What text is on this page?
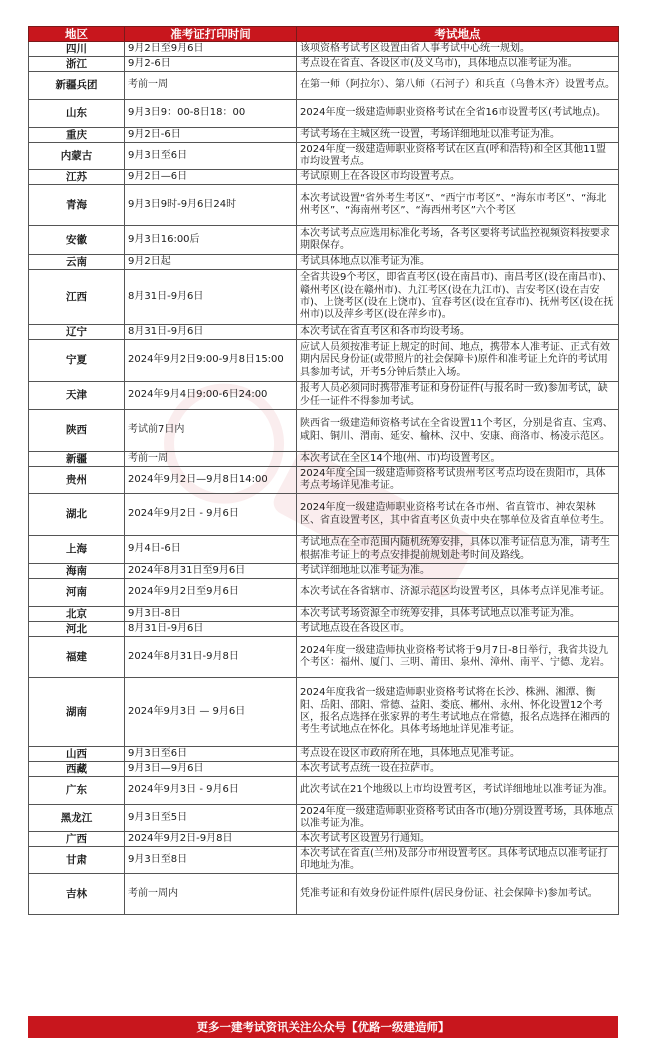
地区	准考证打印时间	考试地点
四川	9月2日至9月6日	该项资格考试考区设置由省人事考试中心统一规划。
浙江	9月2-6日	考点设在省直、各设区市(及义乌市)，具体地点以准考证为准。
新疆兵团	考前一周	在第一师（阿拉尔）、第八师（石河子）和兵直（乌鲁木齐）设置考点。
山东	9月3日9：00-8日18：00	2024年度一级建造师职业资格考试在全省16市设置考区(考试地点)。
重庆	9月2日-6日	考试考场在主城区统一设置，考场详细地址以准考证为准。
内蒙古	9月3日至6日	2024年度一级建造师职业资格考试在区直(呼和浩特)和全区其他11盟市均设置考点。
江苏	9月2日—6日	考试原则上在各设区市均设置考点。
青海	9月3日9时-9月6日24时	本次考试设置“省外考生考区”、“西宁市考区”、“海东市考区”、“海北州考区”、“海南州考区”、“海西州考区”六个考区
安徽	9月3日16:00后	本次考试考点应选用标准化考场，各考区要将考试监控视频资料按要求期限保存。
云南	9月2日起	考试具体地点以准考证为准。
江西	8月31日-9月6日	全省共设9个考区，即省直考区(设在南昌市)、南昌考区(设在南昌市)、赣州考区(设在赣州市)、九江考区(设在九江市)、吉安考区(设在吉安市)、上饶考区(设在上饶市)、宜春考区(设在宜春市)、抚州考区(设在抚州市)以及萍乡考区(设在萍乡市)。
辽宁	8月31日-9月6日	本次考试在省直考区和各市均设考场。
宁夏	2024年9月2日9:00-9月8日15:00	应试人员须按准考证上规定的时间、地点，携带本人准考证、正式有效期内居民身份证(或带照片的社会保障卡)原件和准考证上允许的考试用具参加考试，开考5分钟后禁止入场。
天津	2024年9月4日9:00-6日24:00	报考人员必须同时携带准考证和身份证件(与报名时一致)参加考试，缺少任一证件不得参加考试。
陕西	考试前7日内	陕西省一级建造师资格考试在全省设置11个考区，分别是省直、宝鸡、咸阳、铜川、渭南、延安、榆林、汉中、安康、商洛市、杨凌示范区。
新疆	考前一周	本次考试在全区14个地(州、市)均设置考区。
贵州	2024年9月2日—9月8日14:00	2024年度全国一级建造师资格考试贵州考区考点均设在贵阳市，具体考点考场详见准考证。
湖北	2024年9月2日 - 9月6日	2024年度一级建造师职业资格考试在各市州、省直管市、神农架林区、省直设置考区，其中省直考区负责中央在鄂单位及省直单位考生。
上海	9月4日-6日	考试地点在全市范围内随机统筹安排，具体以准考证信息为准，请考生根据准考证上的考点安排提前规划赴考时间及路线。
海南	2024年8月31日至9月6日	考试详细地址以准考证为准。
河南	2024年9月2日至9月6日	本次考试在各省辖市、济源示范区均设置考区，具体考点详见准考证。
北京	9月3日-8日	本次考试考场资源全市统筹安排，具体考试地点以准考证为准。
河北	8月31日-9月6日	考试地点设在各设区市。
福建	2024年8月31日-9月8日	2024年度一级建造师执业资格考试将于9月7日-8日举行，我省共设九个考区：福州、厦门、三明、莆田、泉州、漳州、南平、宁德、龙岩。
湖南	2024年9月3日 — 9月6日	2024年度我省一级建造师职业资格考试将在长沙、株洲、湘潭、衡阳、岳阳、邵阳、常德、益阳、娄底、郴州、永州、怀化设置12个考区，报名点选择在张家界的考生考试地点在常德，报名点选择在湘西的考生考试地点在怀化。具体考场地址详见准考证。
山西	9月3日至6日	考点设在设区市政府所在地，具体地点见准考证。
西藏	9月3日—9月6日	本次考试考点统一设在拉萨市。
广东	2024年9月3日 - 9月6日	此次考试在21个地级以上市均设置考区，考试详细地址以准考证为准。
黑龙江	9月3日至5日	2024年度一级建造师职业资格考试由各市(地)分别设置考场，具体地点以准考证为准。
广西	2024年9月2日-9月8日	本次考试考区设置另行通知。
甘肃	9月3日至8日	本次考试在省直(兰州)及部分市州设置考区。具体考试地点以准考证打印地址为准。
吉林	考前一周内	凭准考证和有效身份证件原件(居民身份证、社会保障卡)参加考试。
更多一建考试资讯关注公众号【优路一级建造师】
